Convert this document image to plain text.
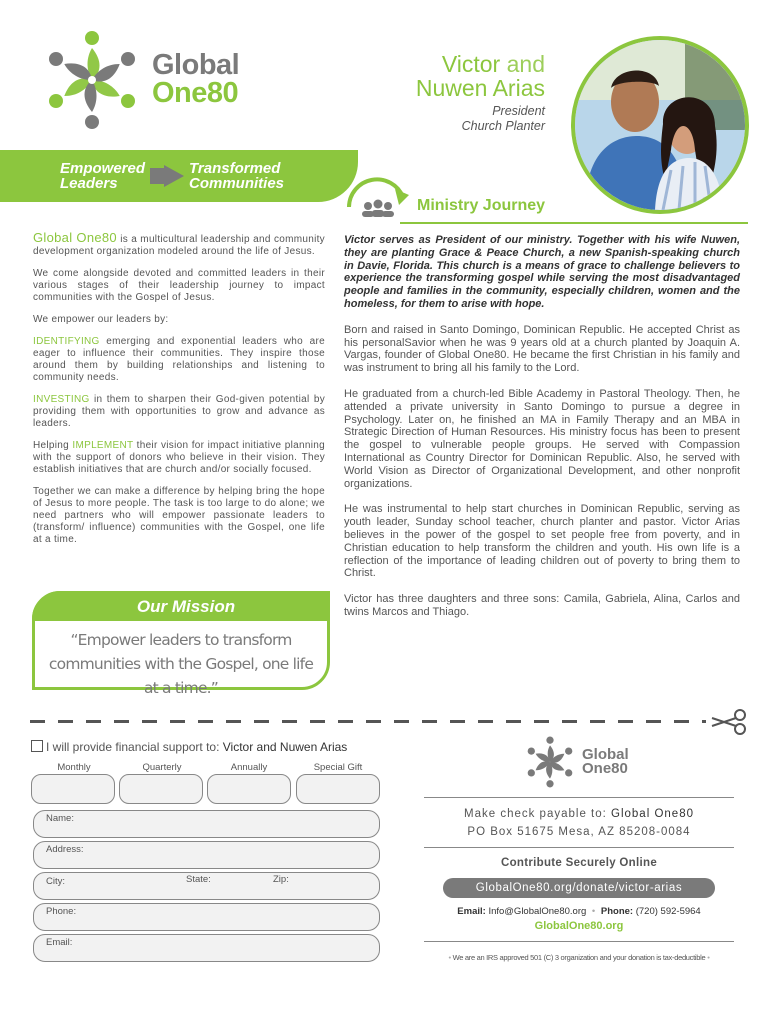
Global
One80
Victor and
Nuwen Arias
President
Church Planter
Empowered
Leaders
Transformed
Communities
Ministry Journey

Global One80 is a multicultural leadership and community development organization modeled around the life of Jesus.

We come alongside devoted and committed leaders in their various stages of their leadership journey to impact communities with the Gospel of Jesus.

We empower our leaders by:

IDENTIFYING emerging and exponential leaders who are eager to influence their communities. They inspire those around them by building relationships and listening to community needs.

INVESTING in them to sharpen their God-given potential by providing them with opportunities to grow and advance as leaders.

Helping IMPLEMENT their vision for impact initiative planning with the support of donors who believe in their vision. They establish initiatives that are church and/or socially focused.

Together we can make a difference by helping bring the hope of Jesus to more people. The task is too large to do alone; we need partners who will empower passionate leaders to (transform/ influence) communities with the Gospel, one life at a time.

Our Mission
“Empower leaders to transform communities with the Gospel, one life at a time.”

Victor serves as President of our ministry. Together with his wife Nuwen, they are planting Grace & Peace Church, a new Spanish-speaking church in Davie, Florida. This church is a means of grace to challenge believers to experience the transforming gospel while serving the most disadvantaged people and families in the community, especially children, women and the homeless, for them to arise with hope.

Born and raised in Santo Domingo, Dominican Republic. He accepted Christ as his personalSavior when he was 9 years old at a church planted by Joaquin A. Vargas, founder of Global One80. He became the first Christian in his family and was instrument to bring all his family to the Lord.

He graduated from a church-led Bible Academy in Pastoral Theology. Then, he attended a private university in Santo Domingo to pursue a degree in Psychology. Later on, he finished an MA in Family Therapy and an MBA in Strategic Direction of Human Resources. His ministry focus has been to present the gospel to vulnerable people groups. He served with Compassion International as Country Director for Dominican Republic. Also, he served with World Vision as Director of Organizational Development, and other nonprofit organizations.

He was instrumental to help start churches in Dominican Republic, serving as youth leader, Sunday school teacher, church planter and pastor. Victor Arias believes in the power of the gospel to set people free from poverty, and in Christian education to help transform the children and youth. His own life is a reflection of the importance of leading children out of poverty to bring them to Christ.

Victor has three daughters and three sons: Camila, Gabriela, Alina, Carlos and twins Marcos and Thiago.

I will provide financial support to: Victor and Nuwen Arias
Monthly	Quarterly	Annually	Special Gift
Name:
Address:
City:	State:	Zip:
Phone:
Email:
Global
One80
Make check payable to: Global One80
PO Box 51675 Mesa, AZ 85208-0084
Contribute Securely Online
GlobalOne80.org/donate/victor-arias
Email: Info@GlobalOne80.org • Phone: (720) 592-5964
GlobalOne80.org
• We are an IRS approved 501 (C) 3 organization and your donation is tax-deductible •
